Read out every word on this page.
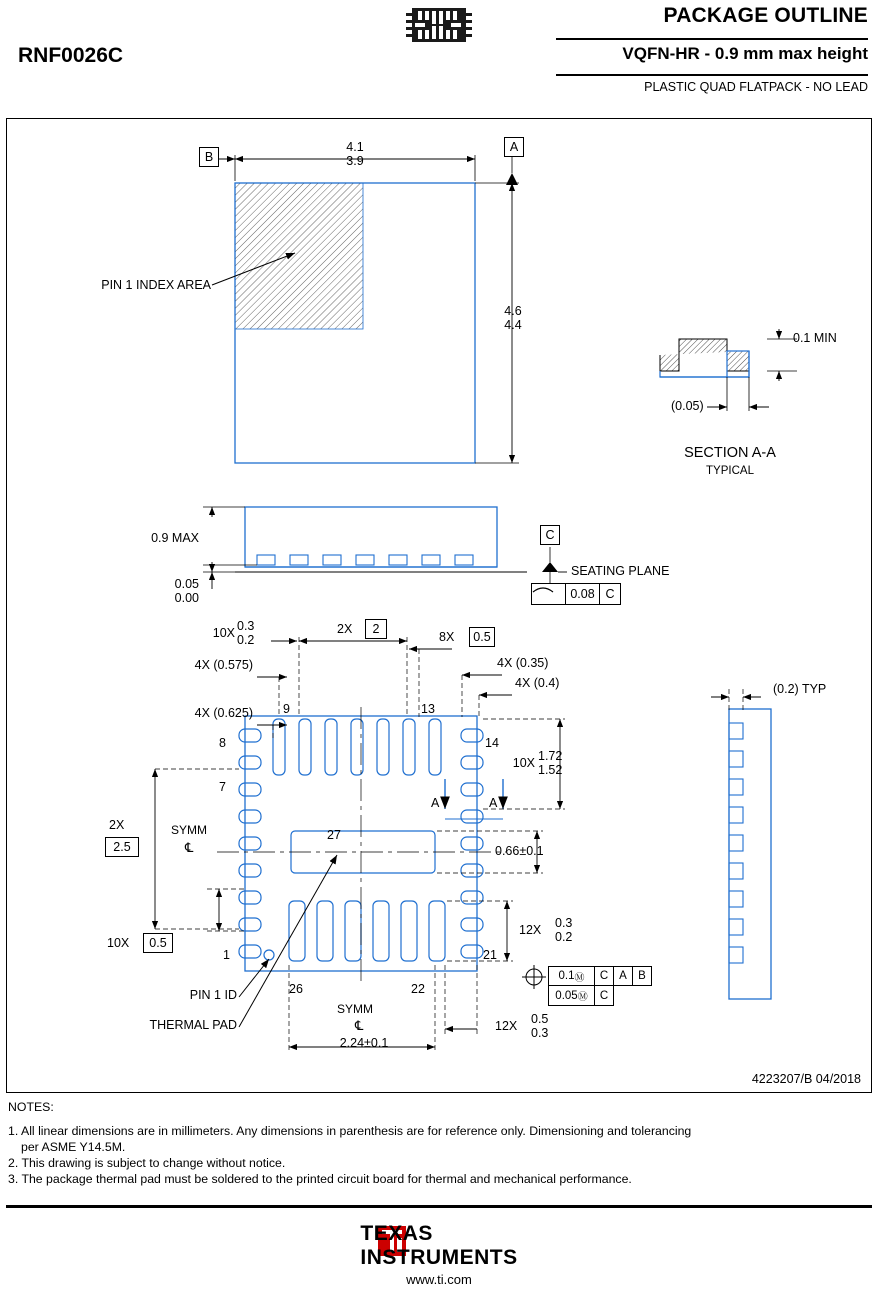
PACKAGE OUTLINE
RNF0026C	VQFN-HR - 0.9 mm max height
PLASTIC QUAD FLATPACK - NO LEAD
B
A
4.1
3.9
4.6
4.4
PIN 1 INDEX AREA
0.1 MIN
(0.05)
SECTION A-A
TYPICAL
0.9 MAX
0.05
0.00
C
SEATING PLANE
0.08 C
10X 0.3
0.2
2X	2
8X	0.5
4X (0.35)
4X (0.4)
4X (0.575)
4X (0.625)
10X 1.72
1.52
2X
2.5
10X	0.5
0.66±0.1
12X 0.3
0.2
12X 0.5
0.3
2.24±0.1
SYMM
℄
SYMM
℄
PIN 1 ID
THERMAL PAD
9	13
14
8
7
1
26	22
21
27
A	A
0.1 Ⓜ	C A B
0.05 Ⓜ	C
(0.2) TYP
4223207/B 04/2018
NOTES:
1. All linear dimensions are in millimeters. Any dimensions in parenthesis are for reference only. Dimensioning and tolerancing
per ASME Y14.5M.
2. This drawing is subject to change without notice.
3. The package thermal pad must be soldered to the printed circuit board for thermal and mechanical performance.
TEXAS
INSTRUMENTS
www.ti.com
